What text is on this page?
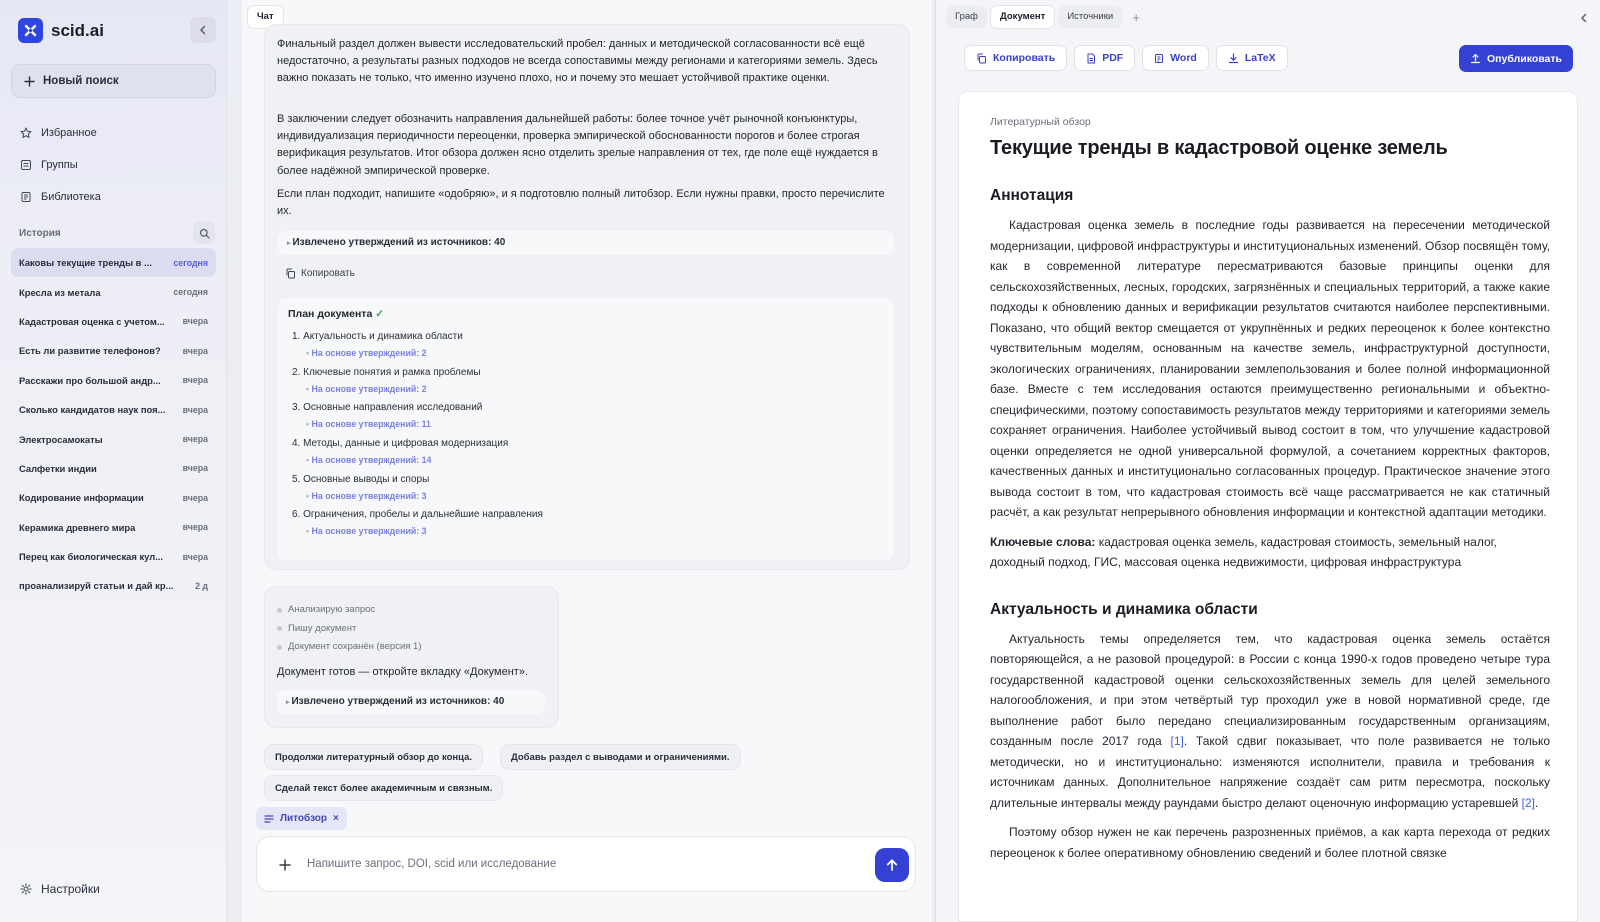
scid.ai
Новый поиск
Избранное
Группы
Библиотека
История
Каковы текущие тренды в ... сегодня
Кресла из метала	сегодня
Кадастровая оценка с учетом... вчера
Есть ли развитие телефонов? вчера
Расскажи про большой андр... вчера
Сколько кандидатов наук поя... вчера
Электросамокаты	вчера
Салфетки индии	вчера
Кодирование информации	вчера
Керамика древнего мира	вчера
Перец как биологическая кул... вчера
проанализируй статьи и дай кр... 2 д
Настройки
Чат
Финальный раздел должен вывести исследовательский пробел: данных и методической согласованности всё ещё недостаточно, а результаты разных подходов не всегда сопоставимы между регионами и категориями земель. Здесь важно показать не только, что именно изучено плохо, но и почему это мешает устойчивой практике оценки.
В заключении следует обозначить направления дальнейшей работы: более точное учёт рыночной конъюнктуры, индивидуализация периодичности переоценки, проверка эмпирической обоснованности порогов и более строгая верификация результатов. Итог обзора должен ясно отделить зрелые направления от тех, где поле ещё нуждается в более надёжной эмпирической проверке.
Если план подходит, напишите «одобряю», и я подготовлю полный литобзор. Если нужны правки, просто перечислите их.
▸ Извлечено утверждений из источников: 40
Копировать
План документа ✓
1. Актуальность и динамика области
• На основе утверждений: 2
2. Ключевые понятия и рамка проблемы
• На основе утверждений: 2
3. Основные направления исследований
• На основе утверждений: 11
4. Методы, данные и цифровая модернизация
• На основе утверждений: 14
5. Основные выводы и споры
• На основе утверждений: 3
6. Ограничения, пробелы и дальнейшие направления
• На основе утверждений: 3
Анализирую запрос
Пишу документ
Документ сохранён (версия 1)
Документ готов — откройте вкладку «Документ».
▸ Извлечено утверждений из источников: 40
Продолжи литературный обзор до конца.	Добавь раздел с выводами и ограничениями.
Сделай текст более академичным и связным.
Литобзор ×
Напишите запрос, DOI, scid или исследование
Граф	Документ	Источники	+
Копировать	PDF	Word	LaTeX	Опубликовать
Литературный обзор
Текущие тренды в кадастровой оценке земель
Аннотация

Кадастровая оценка земель в последние годы развивается на пересечении методической модернизации, цифровой инфраструктуры и институциональных изменений. Обзор посвящён тому, как в современной литературе пересматриваются базовые принципы оценки для сельскохозяйственных, лесных, городских, загрязнённых и специальных территорий, а также какие подходы к обновлению данных и верификации результатов считаются наиболее перспективными. Показано, что общий вектор смещается от укрупнённых и редких переоценок к более контекстно чувствительным моделям, основанным на качестве земель, инфраструктурной доступности, экологических ограничениях, планировании землепользования и более полной информационной базе. Вместе с тем исследования остаются преимущественно региональными и объектно-специфическими, поэтому сопоставимость результатов между территориями и категориями земель сохраняет ограничения. Наиболее устойчивый вывод состоит в том, что улучшение кадастровой оценки определяется не одной универсальной формулой, а сочетанием корректных факторов, качественных данных и институционально согласованных процедур. Практическое значение этого вывода состоит в том, что кадастровая стоимость всё чаще рассматривается не как статичный расчёт, а как результат непрерывного обновления информации и контекстной адаптации методики.

Ключевые слова: кадастровая оценка земель, кадастровая стоимость, земельный налог, доходный подход, ГИС, массовая оценка недвижимости, цифровая инфраструктура

Актуальность и динамика области

Актуальность темы определяется тем, что кадастровая оценка земель остаётся повторяющейся, а не разовой процедурой: в России с конца 1990-х годов проведено четыре тура государственной кадастровой оценки сельскохозяйственных земель для целей земельного налогообложения, и при этом четвёртый тур проходил уже в новой нормативной среде, где выполнение работ было передано специализированным государственным организациям, созданным после 2017 года [1]. Такой сдвиг показывает, что поле развивается не только методически, но и институционально: изменяются исполнители, правила и требования к источникам данных. Дополнительное напряжение создаёт сам ритм пересмотра, поскольку длительные интервалы между раундами быстро делают оценочную информацию устаревшей [2].

Поэтому обзор нужен не как перечень разрозненных приёмов, а как карта перехода от редких переоценок к более оперативному обновлению сведений и более плотной связке
